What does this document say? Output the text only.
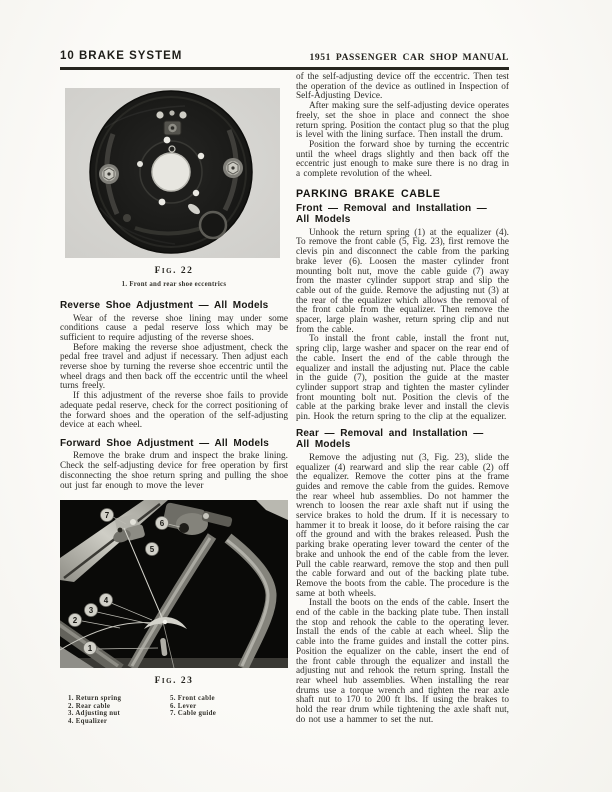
10 BRAKE SYSTEM	1951 PASSENGER CAR SHOP MANUAL
Fig. 22
1. Front and rear shoe eccentrics
Reverse Shoe Adjustment — All Models

Wear of the reverse shoe lining may under some conditions cause a pedal reserve loss which may be sufficient to require adjusting of the reverse shoes.

Before making the reverse shoe adjustment, check the pedal free travel and adjust if necessary. Then adjust each reverse shoe by turning the reverse shoe eccentric until the wheel drags and then back off the eccentric until the wheel turns freely.

If this adjustment of the reverse shoe fails to provide adequate pedal reserve, check for the correct positioning of the forward shoes and the operation of the self-adjusting device at each wheel.

Forward Shoe Adjustment — All Models

Remove the brake drum and inspect the brake lining. Check the self-adjusting device for free operation by first disconnecting the shoe return spring and pulling the shoe out just far enough to move the lever

7
6
5
4
3
2
1
Fig. 23
1. Return spring
2. Rear cable
3. Adjusting nut
4. Equalizer
5. Front cable
6. Lever
7. Cable guide

of the self-adjusting device off the eccentric. Then test the operation of the device as outlined in Inspection of Self-Adjusting Device.

After making sure the self-adjusting device operates freely, set the shoe in place and connect the shoe return spring. Position the contact plug so that the plug is level with the lining surface. Then install the drum.

Position the forward shoe by turning the eccentric until the wheel drags slightly and then back off the eccentric just enough to make sure there is no drag in a complete revolution of the wheel.

PARKING BRAKE CABLE
Front — Removal and Installation —
All Models

Unhook the return spring (1) at the equalizer (4). To remove the front cable (5, Fig. 23), first remove the clevis pin and disconnect the cable from the parking brake lever (6). Loosen the master cylinder front mounting bolt nut, move the cable guide (7) away from the master cylinder support strap and slip the cable out of the guide. Remove the adjusting nut (3) at the rear of the equalizer which allows the removal of the front cable from the equalizer. Then remove the spacer, large plain washer, return spring clip and nut from the cable.

To install the front cable, install the front nut, spring clip, large washer and spacer on the rear end of the cable. Insert the end of the cable through the equalizer and install the adjusting nut. Place the cable in the guide (7), position the guide at the master cylinder support strap and tighten the master cylinder front mounting bolt nut. Position the clevis of the cable at the parking brake lever and install the clevis pin. Hook the return spring to the clip at the equalizer.

Rear — Removal and Installation —
All Models

Remove the adjusting nut (3, Fig. 23), slide the equalizer (4) rearward and slip the rear cable (2) off the equalizer. Remove the cotter pins at the frame guides and remove the cable from the guides. Remove the rear wheel hub assemblies. Do not hammer the wrench to loosen the rear axle shaft nut if using the service brakes to hold the drum. If it is necessary to hammer it to break it loose, do it before raising the car off the ground and with the brakes released. Push the parking brake operating lever toward the center of the brake and unhook the end of the cable from the lever. Pull the cable rearward, remove the stop and then pull the cable forward and out of the backing plate tube. Remove the boots from the cable. The procedure is the same at both wheels.

Install the boots on the ends of the cable. Insert the end of the cable in the backing plate tube. Then install the stop and rehook the cable to the operating lever. Install the ends of the cable at each wheel. Slip the cable into the frame guides and install the cotter pins. Position the equalizer on the cable, insert the end of the front cable through the equalizer and install the adjusting nut and rehook the return spring. Install the rear wheel hub assemblies. When installing the rear drums use a torque wrench and tighten the rear axle shaft nut to 170 to 200 ft lbs. If using the brakes to hold the rear drum while tightening the axle shaft nut, do not use a hammer to set the nut.
